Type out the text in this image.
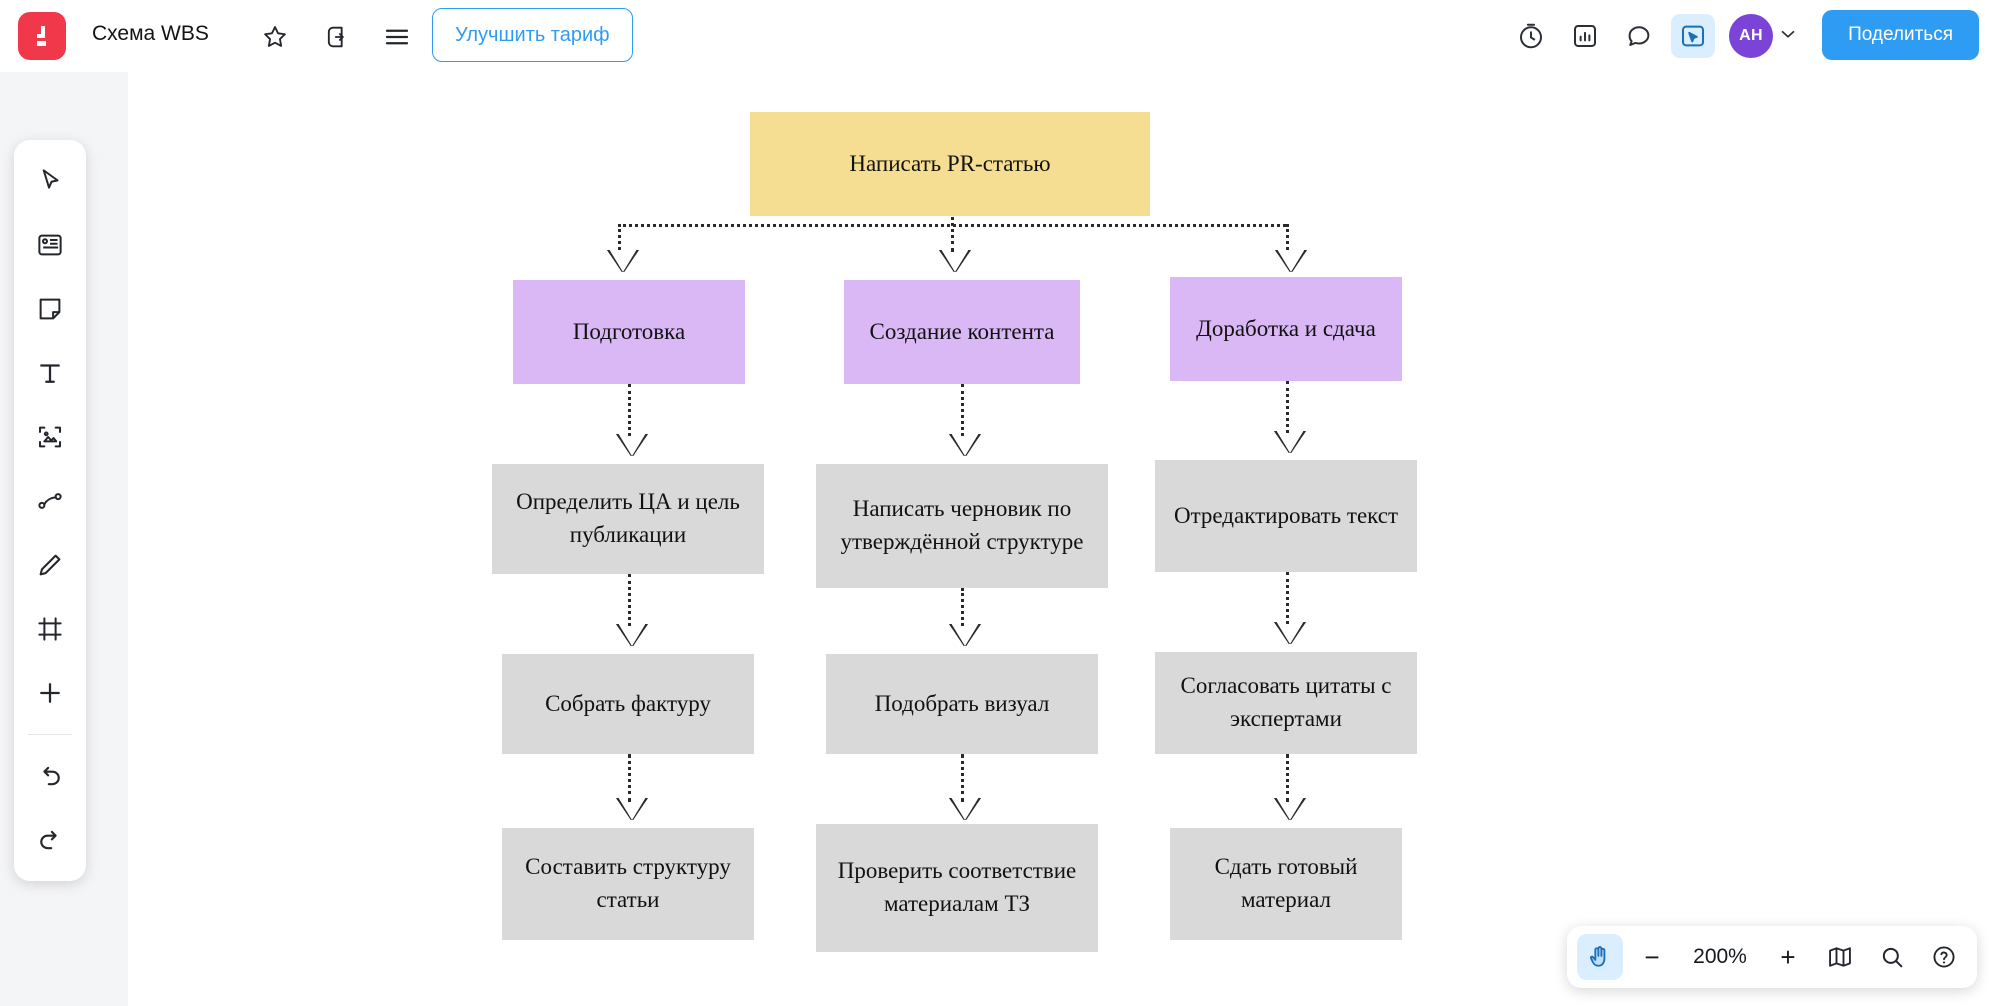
Схема WBS	Улучшить тариф	АН	Поделиться
Написать PR-статью
Подготовка
Определить ЦА и цель публикации
Собрать фактуру
Составить структуру статьи
Создание контента
Написать черновик по утверждённой структуре
Подобрать визуал
Проверить соответствие материалам ТЗ
Доработка и сдача
Отредактировать текст
Согласовать цитаты с экспертами
Сдать готовый материал
−	200%	+
